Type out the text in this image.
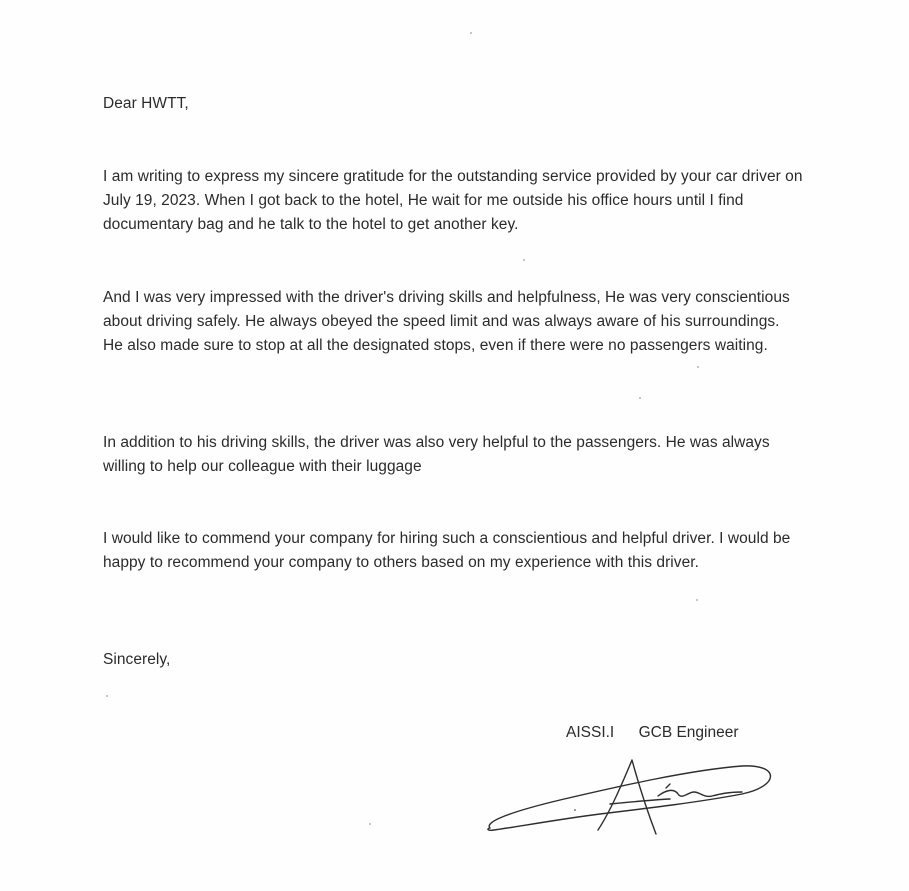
Dear HWTT,

I am writing to express my sincere gratitude for the outstanding service provided by your car driver on July 19, 2023. When I got back to the hotel, He wait for me outside his office hours until I find documentary bag and he talk to the hotel to get another key.

And I was very impressed with the driver's driving skills and helpfulness, He was very conscientious about driving safely. He always obeyed the speed limit and was always aware of his surroundings. He also made sure to stop at all the designated stops, even if there were no passengers waiting.

In addition to his driving skills, the driver was also very helpful to the passengers. He was always willing to help our colleague with their luggage

I would like to commend your company for hiring such a conscientious and helpful driver. I would be happy to recommend your company to others based on my experience with this driver.

Sincerely,

AISSI.I GCB Engineer
